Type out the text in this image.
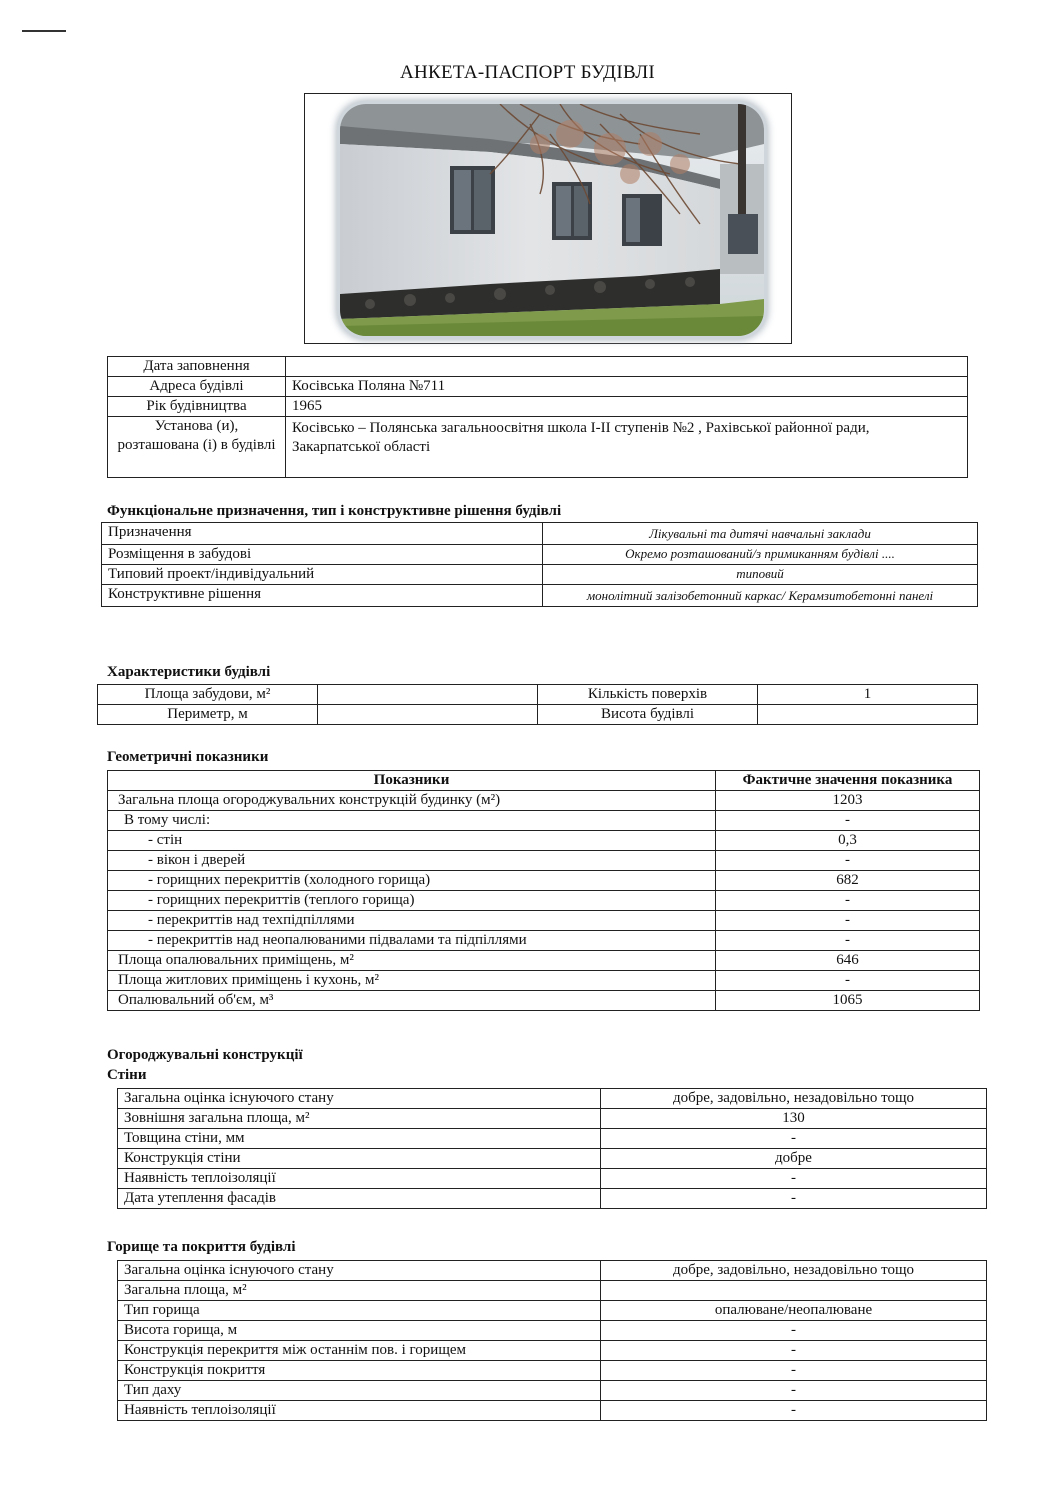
АНКЕТА-ПАСПОРТ БУДІВЛІ
Дата заповнення	
Адреса будівлі	Косівська Поляна №711
Рік будівництва	1965
Установа (и), розташована (і) в будівлі	Косівсько – Полянська загальноосвітня школа І-ІІ ступенів №2 , Рахівської районної ради, Закарпатської області
Функціональне призначення, тип і конструктивне рішення будівлі
Призначення	Лікувальні та дитячі навчальні заклади
Розміщення в забудові	Окремо розташований/з примиканням будівлі ....
Типовий проект/індивідуальний	типовий
Конструктивне рішення	монолітний залізобетонний каркас/ Керамзитобетонні панелі
Характеристики будівлі
Площа забудови, м²		Кількість поверхів	1
Периметр, м		Висота будівлі	
Геометричні показники
Показники	Фактичне значення показника
Загальна площа огороджувальних конструкцій будинку (м²)	1203
В тому числі:	-
- стін	0,3
- вікон і дверей	-
- горищних перекриттів (холодного горища)	682
- горищних перекриттів (теплого горища)	-
- перекриттів над техпідпіллями	-
- перекриттів над неопалюваними підвалами та підпіллями	-
Площа опалювальних приміщень, м²	646
Площа житлових приміщень і кухонь, м²	-
Опалювальний об'єм, м³	1065
Огороджувальні конструкції
Стіни
Загальна оцінка існуючого стану	добре, задовільно, незадовільно тощо
Зовнішня загальна площа, м²	130
Товщина стіни, мм	-
Конструкція стіни	добре
Наявність теплоізоляції	-
Дата утеплення фасадів	-
Горище та покриття будівлі
Загальна оцінка існуючого стану	добре, задовільно, незадовільно тощо
Загальна площа, м²	
Тип горища	опалюване/неопалюване
Висота горища, м	-
Конструкція перекриття між останнім пов. і горищем	-
Конструкція покриття	-
Тип даху	-
Наявність теплоізоляції	-
